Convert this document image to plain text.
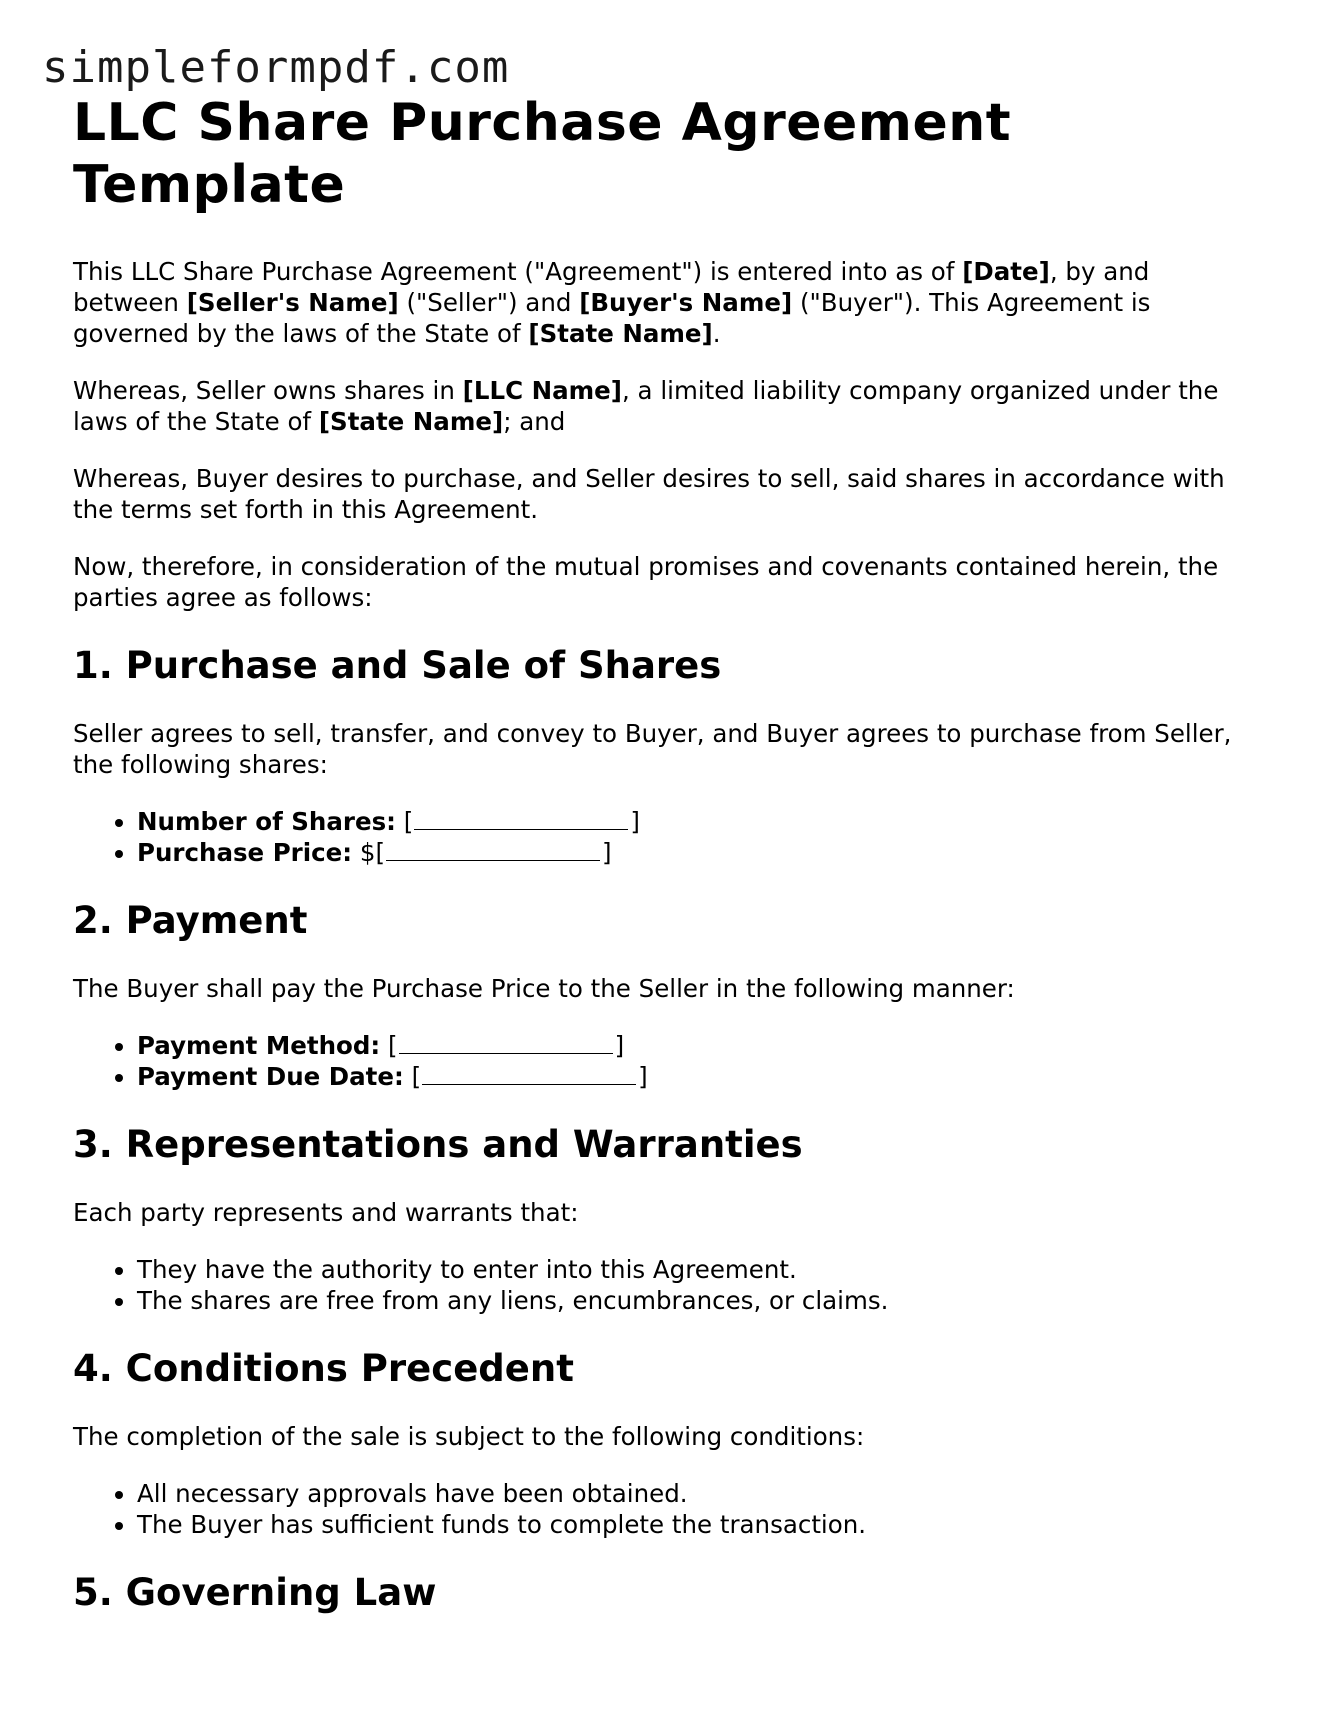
simpleformpdf.com
LLC Share Purchase Agreement Template

This LLC Share Purchase Agreement ("Agreement") is entered into as of [Date], by and between [Seller's Name] ("Seller") and [Buyer's Name] ("Buyer"). This Agreement is governed by the laws of the State of [State Name].

Whereas, Seller owns shares in [LLC Name], a limited liability company organized under the laws of the State of [State Name]; and

Whereas, Buyer desires to purchase, and Seller desires to sell, said shares in accordance with the terms set forth in this Agreement.

Now, therefore, in consideration of the mutual promises and covenants contained herein, the parties agree as follows:

1. Purchase and Sale of Shares

Seller agrees to sell, transfer, and convey to Buyer, and Buyer agrees to purchase from Seller, the following shares:

• Number of Shares: [	]
• Purchase Price: $[	]
2. Payment

The Buyer shall pay the Purchase Price to the Seller in the following manner:

• Payment Method: [	]
• Payment Due Date: [	]
3. Representations and Warranties

Each party represents and warrants that:

• They have the authority to enter into this Agreement.
• The shares are free from any liens, encumbrances, or claims.
4. Conditions Precedent

The completion of the sale is subject to the following conditions:

• All necessary approvals have been obtained.
• The Buyer has sufficient funds to complete the transaction.
5. Governing Law
